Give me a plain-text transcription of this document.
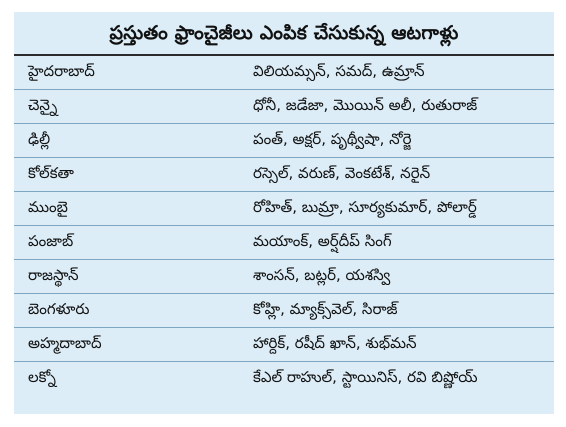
ప్రస్తుతం ఫ్రాంచైజీలు ఎంపిక చేసుకున్న ఆటగాళ్లు
హైదరాబాద్	విలియమ్సన్, సమద్, ఉమ్రాన్
చెన్నై	ధోనీ, జడేజా, మొయిన్ అలీ, రుతురాజ్
ఢిల్లీ	పంత్, అక్షర్, పృథ్వీషా, నోర్జె
కోల్‌కతా	రస్సెల్, వరుణ్, వెంకటేశ్, నరైన్
ముంబై	రోహిత్, బుమ్రా, సూర్యకుమార్, పోలార్డ్
పంజాబ్	మయాంక్, అర్ష్‌దీప్ సింగ్
రాజస్థాన్	శాంసన్, బట్లర్, యశస్వి
బెంగళూరు	కోహ్లి, మ్యాక్స్‌వెల్, సిరాజ్
అహ్మదాబాద్	హార్దిక్, రషీద్ ఖాన్, శుభ్‌మన్
లక్నో	కేఎల్ రాహుల్, స్టాయినిస్, రవి బిష్ణోయ్
